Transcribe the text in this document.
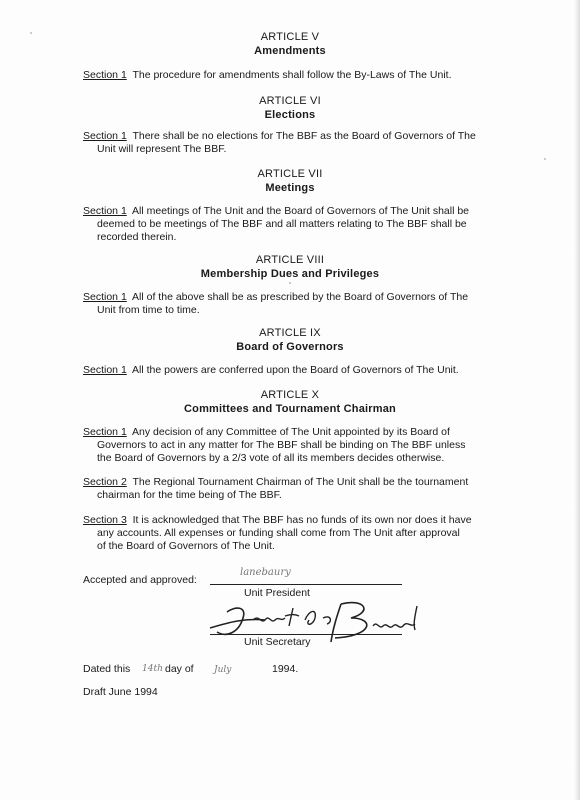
ARTICLE V
Amendments
Section 1 The procedure for amendments shall follow the By-Laws of The Unit.
ARTICLE VI
Elections
Section 1 There shall be no elections for The BBF as the Board of Governors of The
Unit will represent The BBF.
ARTICLE VII
Meetings
Section 1 All meetings of The Unit and the Board of Governors of The Unit shall be
deemed to be meetings of The BBF and all matters relating to The BBF shall be
recorded therein.
ARTICLE VIII
Membership Dues and Privileges
Section 1 All of the above shall be as prescribed by the Board of Governors of The
Unit from time to time.
ARTICLE IX
Board of Governors
Section 1 All the powers are conferred upon the Board of Governors of The Unit.
ARTICLE X
Committees and Tournament Chairman
Section 1 Any decision of any Committee of The Unit appointed by its Board of
Governors to act in any matter for The BBF shall be binding on The BBF unless
the Board of Governors by a 2/3 vote of all its members decides otherwise.
Section 2 The Regional Tournament Chairman of The Unit shall be the tournament
chairman for the time being of The BBF.
Section 3 It is acknowledged that The BBF has no funds of its own nor does it have
any accounts. All expenses or funding shall come from The Unit after approval
of the Board of Governors of The Unit.
Accepted and approved:
lanebaury
Unit President
Unit Secretary
Dated this 14th day of July	1994.
Draft June 1994
